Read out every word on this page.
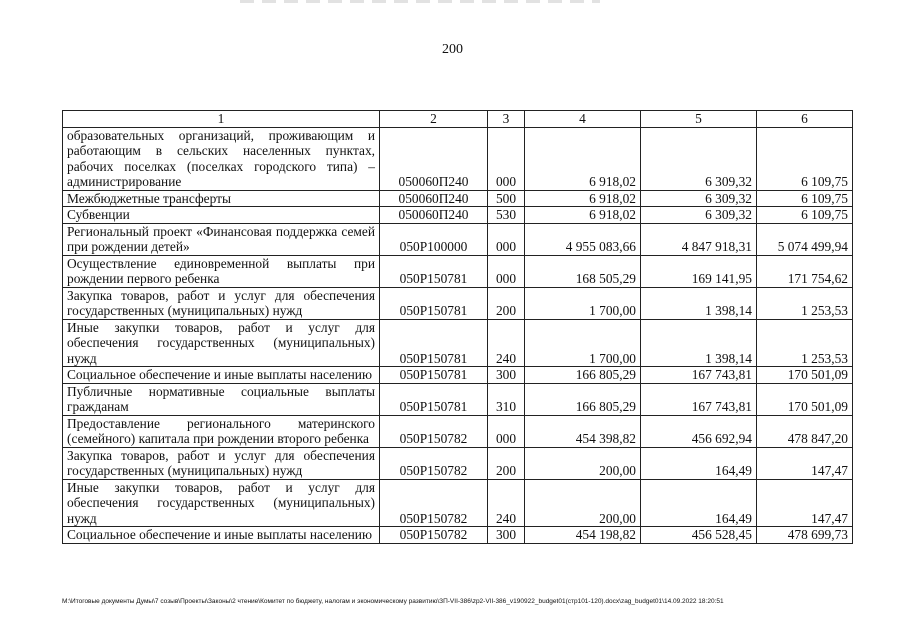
200
1	2	3	4	5	6
образовательных организаций, проживающим и работающим в сельских населенных пунктах, рабочих поселках (поселках городского типа) – администрирование	050060П240	000	6 918,02	6 309,32	6 109,75
Межбюджетные трансферты	050060П240	500	6 918,02	6 309,32	6 109,75
Субвенции	050060П240	530	6 918,02	6 309,32	6 109,75
Региональный проект «Финансовая поддержка семей при рождении детей»	050Р100000	000	4 955 083,66	4 847 918,31	5 074 499,94
Осуществление единовременной выплаты при рождении первого ребенка	050Р150781	000	168 505,29	169 141,95	171 754,62
Закупка товаров, работ и услуг для обеспечения государственных (муниципальных) нужд	050Р150781	200	1 700,00	1 398,14	1 253,53
Иные закупки товаров, работ и услуг для обеспечения государственных (муниципальных) нужд	050Р150781	240	1 700,00	1 398,14	1 253,53
Социальное обеспечение и иные выплаты населению	050Р150781	300	166 805,29	167 743,81	170 501,09
Публичные нормативные социальные выплаты гражданам	050Р150781	310	166 805,29	167 743,81	170 501,09
Предоставление регионального материнского (семейного) капитала при рождении второго ребенка	050Р150782	000	454 398,82	456 692,94	478 847,20
Закупка товаров, работ и услуг для обеспечения государственных (муниципальных) нужд	050Р150782	200	200,00	164,49	147,47
Иные закупки товаров, работ и услуг для обеспечения государственных (муниципальных) нужд	050Р150782	240	200,00	164,49	147,47
Социальное обеспечение и иные выплаты населению	050Р150782	300	454 198,82	456 528,45	478 699,73
M:\Итоговые документы Думы\7 созыв\Проекты\Законы\2 чтение\Комитет по бюджету, налогам и экономическому развитию\ЗП-VII-386\zp2-VII-386_v190922_budget01(стр101-120).docx\zag_budget01\14.09.2022 18:20:51
